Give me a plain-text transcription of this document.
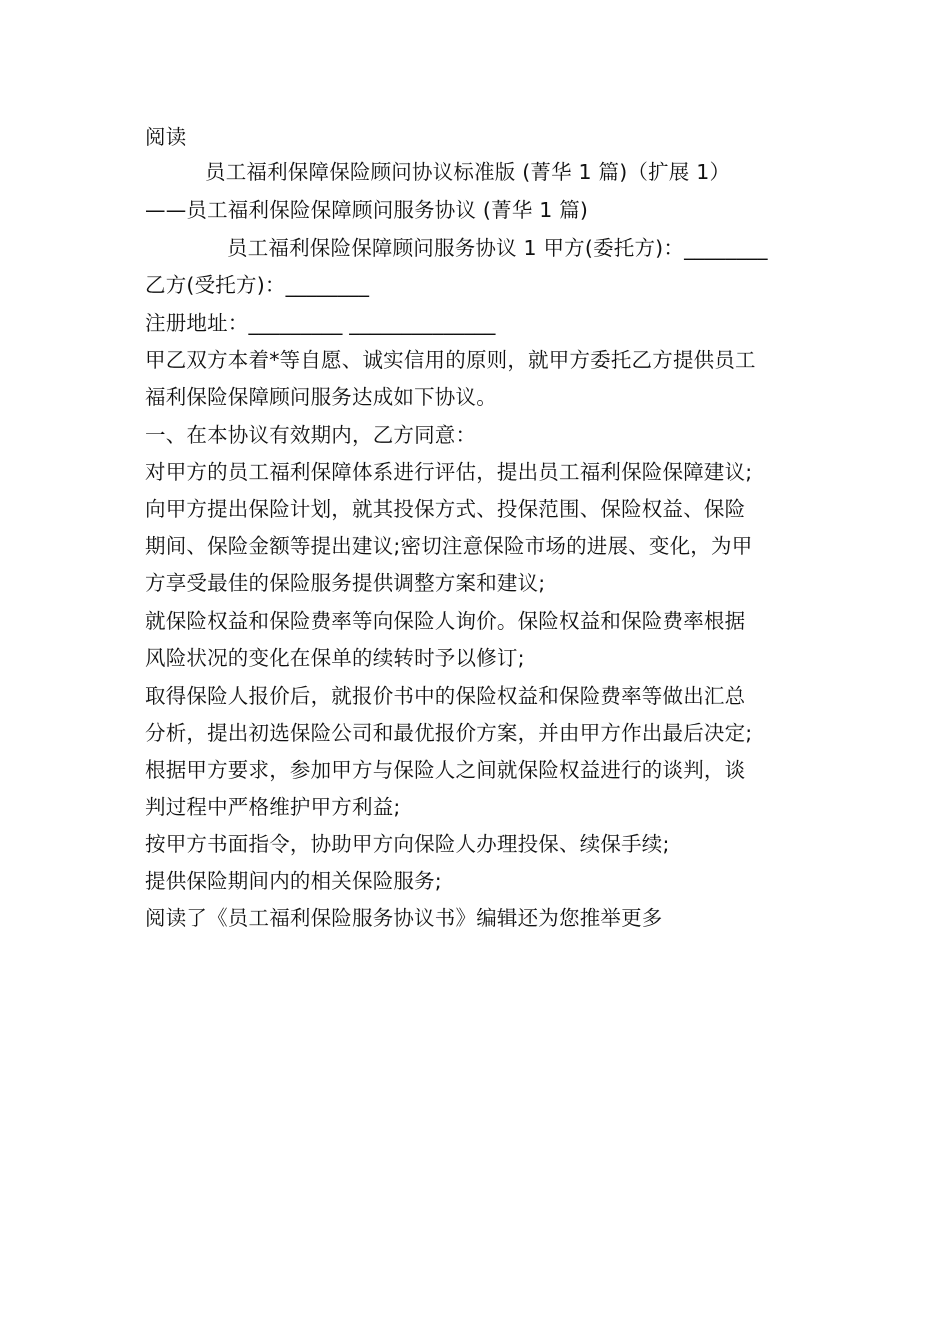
阅读
员工福利保障保险顾问协议标准版 (菁华 1 篇)（扩展 1）
——员工福利保险保障顾问服务协议 (菁华 1 篇)
员工福利保险保障顾问服务协议 1 甲方(委托方)：________
乙方(受托方)：________
注册地址：_________ ______________
甲乙双方本着*等自愿、诚实信用的原则，就甲方委托乙方提供员工
福利保险保障顾问服务达成如下协议。
一、在本协议有效期内，乙方同意：
对甲方的员工福利保障体系进行评估，提出员工福利保险保障建议;
向甲方提出保险计划，就其投保方式、投保范围、保险权益、保险
期间、保险金额等提出建议;密切注意保险市场的进展、变化，为甲
方享受最佳的保险服务提供调整方案和建议;
就保险权益和保险费率等向保险人询价。保险权益和保险费率根据
风险状况的变化在保单的续转时予以修订;
取得保险人报价后，就报价书中的保险权益和保险费率等做出汇总
分析，提出初选保险公司和最优报价方案，并由甲方作出最后决定;
根据甲方要求，参加甲方与保险人之间就保险权益进行的谈判，谈
判过程中严格维护甲方利益;
按甲方书面指令，协助甲方向保险人办理投保、续保手续;
提供保险期间内的相关保险服务;
阅读了《员工福利保险服务协议书》编辑还为您推举更多
